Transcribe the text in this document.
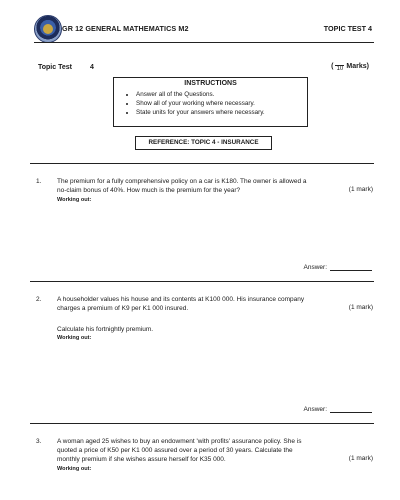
GR 12 GENERAL MATHEMATICS M2	TOPIC TEST 4
Topic Test	4	( 10 Marks)
INSTRUCTIONS
• Answer all of the Questions.
• Show all of your working where necessary.
• State units for your answers where necessary.
REFERENCE: TOPIC 4 - INSURANCE
1. The premium for a fully comprehensive policy on a car is K180. The owner is allowed a
no-claim bonus of 40%. How much is the premium for the year?	(1 mark)
Working out:
Answer:
2. A householder values his house and its contents at K100 000. His insurance company
charges a premium of K9 per K1 000 insured.	(1 mark)
Calculate his fortnightly premium.
Working out:
Answer:
3. A woman aged 25 wishes to buy an endowment 'with profits' assurance policy. She is
quoted a price of K50 per K1 000 assured over a period of 30 years. Calculate the
monthly premium if she wishes assure herself for K35 000.	(1 mark)
Working out:
